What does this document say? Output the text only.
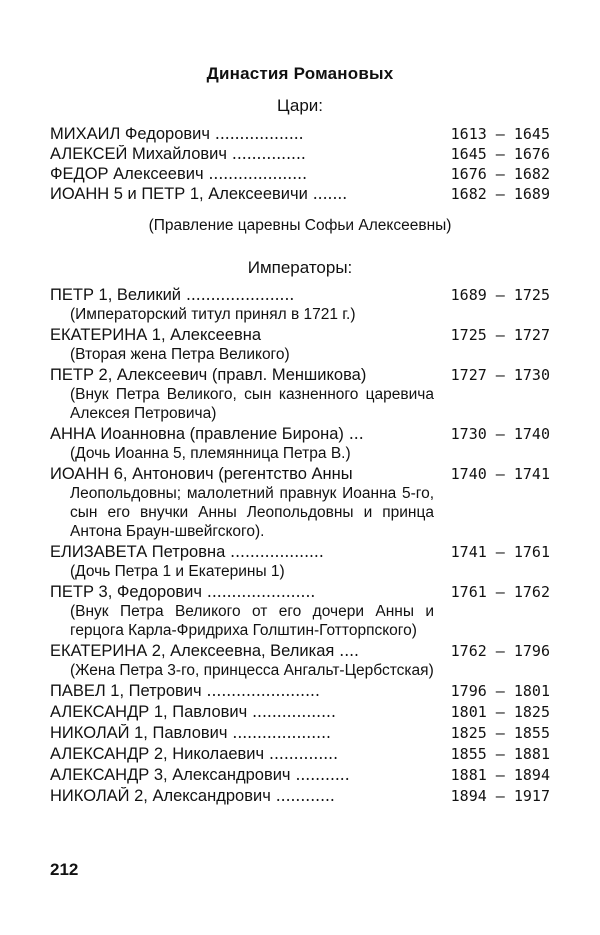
Династия Романовых
Цари:
МИХАИЛ Федорович ..................	1613 — 1645
АЛЕКСЕЙ Михайлович ...............	1645 — 1676
ФЕДОР Алексеевич ....................	1676 — 1682
ИОАНН 5 и ПЕТР 1, Алексеевичи .......	1682 — 1689
(Правление царевны Софьи Алексеевны)
Императоры:
ПЕТР 1, Великий ......................	1689 — 1725
(Императорский титул принял в 1721 г.)
ЕКАТЕРИНА 1, Алексеевна	1725 — 1727
(Вторая жена Петра Великого)
ПЕТР 2, Алексеевич (правл. Меншикова)	1727 — 1730
(Внук Петра Великого, сын казненного царевича Алексея Петровича)
АННА Иоанновна (правление Бирона) ...	1730 — 1740
(Дочь Иоанна 5, племянница Петра В.)
ИОАНН 6, Антонович (регентство Анны	1740 — 1741
Леопольдовны; малолетний правнук Иоанна 5-го, сын его внучки Анны Леопольдовны и принца Антона Браун-швейгского).
ЕЛИЗАВЕТА Петровна ...................	1741 — 1761
(Дочь Петра 1 и Екатерины 1)
ПЕТР 3, Федорович ......................	1761 — 1762
(Внук Петра Великого от его дочери Анны и герцога Карла-Фридриха Голштин-Готторпского)
ЕКАТЕРИНА 2, Алексеевна, Великая ....	1762 — 1796
(Жена Петра 3-го, принцесса Ангальт-Цербстская)
ПАВЕЛ 1, Петрович .......................	1796 — 1801
АЛЕКСАНДР 1, Павлович .................	1801 — 1825
НИКОЛАЙ 1, Павлович ....................	1825 — 1855
АЛЕКСАНДР 2, Николаевич ..............	1855 — 1881
АЛЕКСАНДР 3, Александрович ...........	1881 — 1894
НИКОЛАЙ 2, Александрович ............	1894 — 1917
212
